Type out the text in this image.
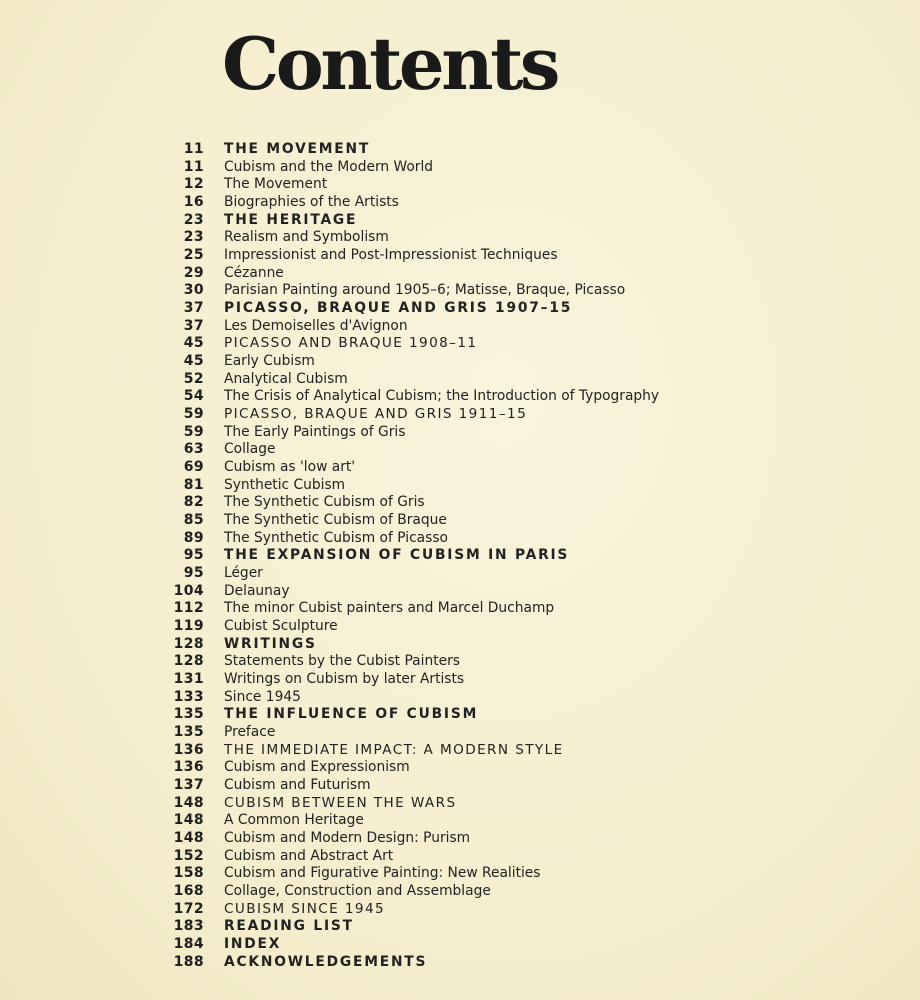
Contents
11 THE MOVEMENT
11 Cubism and the Modern World
12 The Movement
16 Biographies of the Artists
23 THE HERITAGE
23 Realism and Symbolism
25 Impressionist and Post-Impressionist Techniques
29 Cézanne
30 Parisian Painting around 1905–6; Matisse, Braque, Picasso
37 PICASSO, BRAQUE AND GRIS 1907–15
37 Les Demoiselles d'Avignon
45 PICASSO AND BRAQUE 1908–11
45 Early Cubism
52 Analytical Cubism
54 The Crisis of Analytical Cubism; the Introduction of Typography
59 PICASSO, BRAQUE AND GRIS 1911–15
59 The Early Paintings of Gris
63 Collage
69 Cubism as 'low art'
81 Synthetic Cubism
82 The Synthetic Cubism of Gris
85 The Synthetic Cubism of Braque
89 The Synthetic Cubism of Picasso
95 THE EXPANSION OF CUBISM IN PARIS
95 Léger
104 Delaunay
112 The minor Cubist painters and Marcel Duchamp
119 Cubist Sculpture
128 WRITINGS
128 Statements by the Cubist Painters
131 Writings on Cubism by later Artists
133 Since 1945
135 THE INFLUENCE OF CUBISM
135 Preface
136 THE IMMEDIATE IMPACT: A MODERN STYLE
136 Cubism and Expressionism
137 Cubism and Futurism
148 CUBISM BETWEEN THE WARS
148 A Common Heritage
148 Cubism and Modern Design: Purism
152 Cubism and Abstract Art
158 Cubism and Figurative Painting: New Realities
168 Collage, Construction and Assemblage
172 CUBISM SINCE 1945
183 READING LIST
184 INDEX
188 ACKNOWLEDGEMENTS
